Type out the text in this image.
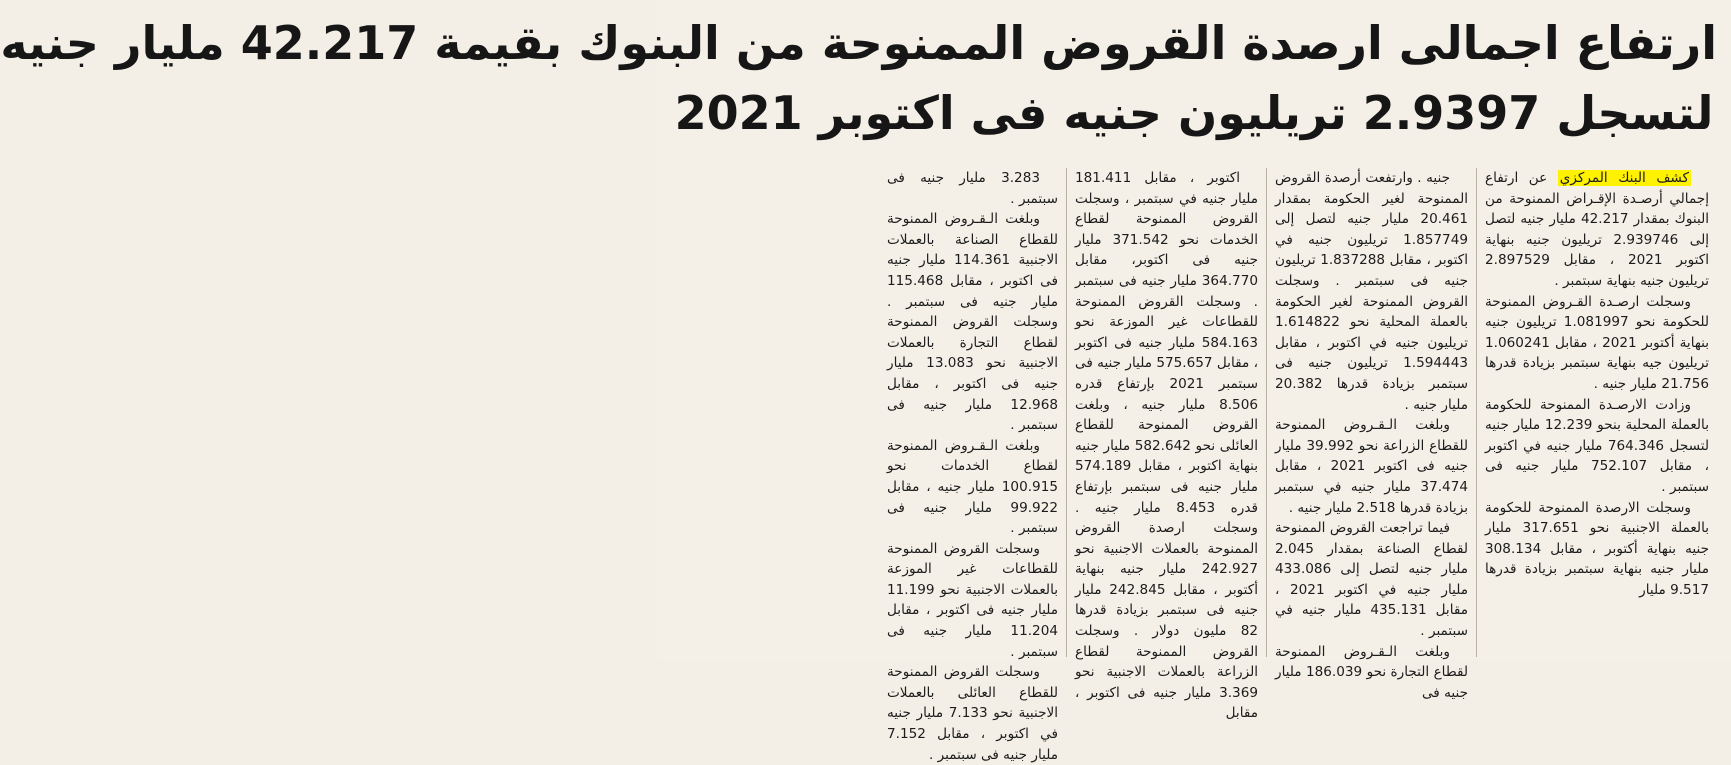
ارتفاع اجمالى ارصدة القروض الممنوحة من البنوك بقيمة 42.217 مليار جنيه
لتسجل 2.9397 تريليون جنيه فى اكتوبر 2021

كشف البنك المركزي عن ارتفاع إجمالي أرصـدة الإقـراض الممنوحة من البنوك بمقدار 42.217 مليار جنيه لتصل إلى 2.939746 تريليون جنيه بنهاية اكتوبر 2021 ، مقابل 2.897529 تريليون جنيه بنهاية سبتمبر .

وسجلت ارصـدة القـروض الممنوحة للحكومة نحو 1.081997 تريليون جنيه بنهاية أكتوبر 2021 ، مقابل 1.060241 تريليون جيه بنهاية سبتمبر بزيادة قدرها 21.756 مليار جنيه .

وزادت الارصـدة الممنوحة للحكومة بالعملة المحلية بنحو 12.239 مليار جنيه لتسجل 764.346 مليار جنيه في اكتوبر ، مقابل 752.107 مليار جنيه فى سبتمبر .

وسجلت الارصدة الممنوحة للحكومة بالعملة الاجنبية نحو 317.651 مليار جنيه بنهاية أكتوبر ، مقابل 308.134 مليار جنيه بنهاية سبتمبر بزيادة قدرها 9.517 مليار

جنيه . وارتفعت أرصدة القروض الممنوحة لغير الحكومة بمقدار 20.461 مليار جنيه لتصل إلى 1.857749 تريليون جنيه في اكتوبر ، مقابل 1.837288 تريليون جنيه فى سبتمبر . وسجلت القروض الممنوحة لغير الحكومة بالعملة المحلية نحو 1.614822 تريليون جنيه في اكتوبر ، مقابل 1.594443 تريليون جنيه فى سبتمبر بزيادة قدرها 20.382 مليار جنيه .

وبلغت الـقـروض الممنوحة للقطاع الزراعة نحو 39.992 مليار جنيه فى اكتوبر 2021 ، مقابل 37.474 مليار جنيه في سبتمبر بزيادة قدرها 2.518 مليار جنيه .

فيما تراجعت القروض الممنوحة لقطاع الصناعة بمقدار 2.045 مليار جنيه لتصل إلى 433.086 مليار جنيه في اكتوبر 2021 ، مقابل 435.131 مليار جنيه في سبتمبر .

وبلغت الـقـروض الممنوحة لقطاع التجارة نحو 186.039 مليار جنيه فى

اكتوبر ، مقابل 181.411 مليار جنيه في سبتمبر ، وسجلت القروض الممنوحة لقطاع الخدمات نحو 371.542 مليار جنيه فى اكتوبر، مقابل 364.770 مليار جنيه فى سبتمبر . وسجلت القروض الممنوحة للقطاعات غير الموزعة نحو 584.163 مليار جنيه فى اكتوبر ، مقابل 575.657 مليار جنيه فى سبتمبر 2021 بإرتفاع قدره 8.506 مليار جنيه ، وبلغت القروض الممنوحة للقطاع العائلى نحو 582.642 مليار جنيه بنهاية اكتوبر ، مقابل 574.189 مليار جنيه فى سبتمبر بإرتفاع قدره 8.453 مليار جنيه . وسجلت ارصدة القروض الممنوحة بالعملات الاجنبية نحو 242.927 مليار جنيه بنهاية أكتوبر ، مقابل 242.845 مليار جنيه فى سبتمبر بزيادة قدرها 82 مليون دولار . وسجلت القروض الممنوحة لقطاع الزراعة بالعملات الاجنبية نحو 3.369 مليار جنيه فى اكتوبر ، مقابل

3.283 مليار جنيه فى سبتمبر .

وبلغت الـقـروض الممنوحة للقطاع الصناعة بالعملات الاجنبية 114.361 مليار جنيه فى اكتوبر ، مقابل 115.468 مليار جنيه فى سبتمبر . وسجلت القروض الممنوحة لقطاع التجارة بالعملات الاجنبية نحو 13.083 مليار جنيه فى اكتوبر ، مقابل 12.968 مليار جنيه فى سبتمبر .

وبلغت الـقـروض الممنوحة لقطاع الخدمات نحو 100.915 مليار جنيه ، مقابل 99.922 مليار جنيه فى سبتمبر .

وسجلت القروض الممنوحة للقطاعات غير الموزعة بالعملات الاجنبية نحو 11.199 مليار جنيه فى اكتوبر ، مقابل 11.204 مليار جنيه فى سبتمبر .

وسجلت القروض الممنوحة للقطاع العائلى بالعملات الاجنبية نحو 7.133 مليار جنيه في اكتوبر ، مقابل 7.152 مليار جنيه فى سبتمبر .
